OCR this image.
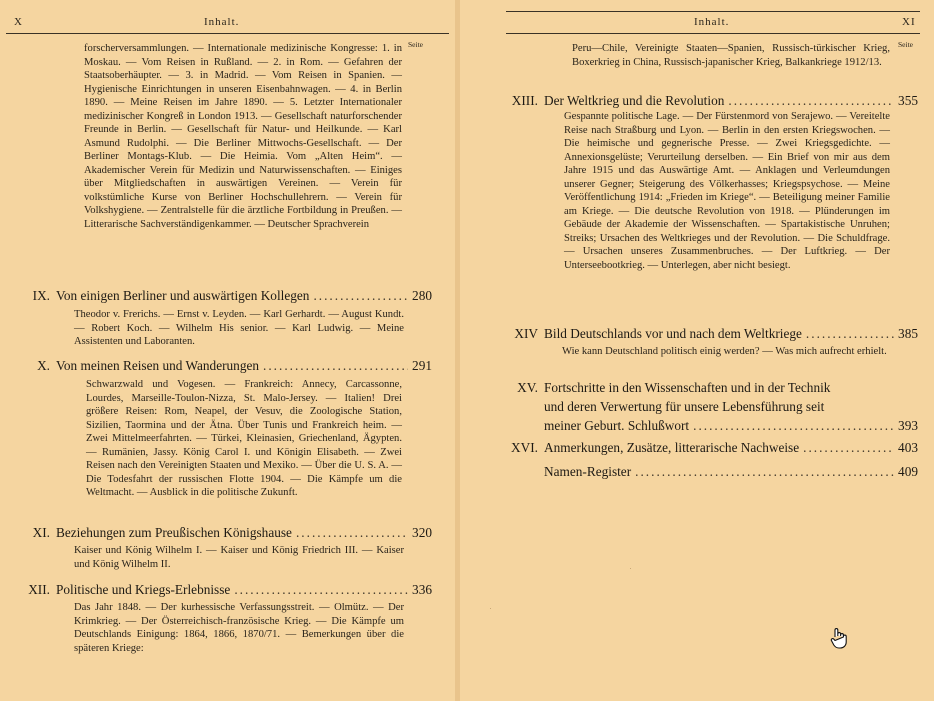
X	Inhalt.
Seite
forscherversammlungen. — Internationale medizinische Kongresse: 1. in Moskau. — Vom Reisen in Rußland. — 2. in Rom. — Gefahren der Staatsoberhäupter. — 3. in Madrid. — Vom Reisen in Spanien. — Hygienische Einrichtungen in unseren Eisenbahnwagen. — 4. in Berlin 1890. — Meine Reisen im Jahre 1890. — 5. Letzter Internationaler medizinischer Kongreß in London 1913. — Gesellschaft naturforschender Freunde in Berlin. — Gesellschaft für Natur- und Heilkunde. — Karl Asmund Rudolphi. — Die Berliner Mittwochs-Gesellschaft. — Der Berliner Montags-Klub. — Die Heimia. Vom „Alten Heim“. — Akademischer Verein für Medizin und Naturwissenschaften. — Einiges über Mitgliedschaften in auswärtigen Vereinen. — Verein für volkstümliche Kurse von Berliner Hochschullehrern. — Verein für Volkshygiene. — Zentralstelle für die ärztliche Fortbildung in Preußen. — Litterarische Sachverständigenkammer. — Deutscher Sprachverein
IX. Von einigen Berliner und auswärtigen Kollegen .....	280
Theodor v. Frerichs. — Ernst v. Leyden. — Karl Gerhardt. — August Kundt. — Robert Koch. — Wilhelm His senior. — Karl Ludwig. — Meine Assistenten und Laboranten.
X. Von meinen Reisen und Wanderungen .....	291
Schwarzwald und Vogesen. — Frankreich: Annecy, Carcassonne, Lourdes, Marseille-Toulon-Nizza, St. Malo-Jersey. — Italien! Drei größere Reisen: Rom, Neapel, der Vesuv, die Zoologische Station, Sizilien, Taormina und der Ätna. Über Tunis und Frankreich heim. — Zwei Mittelmeerfahrten. — Türkei, Kleinasien, Griechenland, Ägypten. — Rumänien, Jassy. König Carol I. und Königin Elisabeth. — Zwei Reisen nach den Vereinigten Staaten und Mexiko. — Über die U. S. A. — Die Todesfahrt der russischen Flotte 1904. — Die Kämpfe um die Weltmacht. — Ausblick in die politische Zukunft.
XI. Beziehungen zum Preußischen Königshause .....	320
Kaiser und König Wilhelm I. — Kaiser und König Friedrich III. — Kaiser und König Wilhelm II.
XII. Politische und Kriegs-Erlebnisse .....	336
Das Jahr 1848. — Der kurhessische Verfassungsstreit. — Olmütz. — Der Krimkrieg. — Der Österreichisch-französische Krieg. — Die Kämpfe um Deutschlands Einigung: 1864, 1866, 1870/71. — Bemerkungen über die späteren Kriege:
Inhalt.	XI
Seite
Peru—Chile, Vereinigte Staaten—Spanien, Russisch-türkischer Krieg, Boxerkrieg in China, Russisch-japanischer Krieg, Balkankriege 1912/13.
XIII. Der Weltkrieg und die Revolution .....	355
Gespannte politische Lage. — Der Fürstenmord von Serajewo. — Vereitelte Reise nach Straßburg und Lyon. — Berlin in den ersten Kriegswochen. — Die heimische und gegnerische Presse. — Zwei Kriegsgedichte. — Annexionsgelüste; Verurteilung derselben. — Ein Brief von mir aus dem Jahre 1915 und das Auswärtige Amt. — Anklagen und Verleumdungen unserer Gegner; Steigerung des Völkerhasses; Kriegspsychose. — Meine Veröffentlichung 1914: „Frieden im Kriege“. — Beteiligung meiner Familie am Kriege. — Die deutsche Revolution von 1918. — Plünderungen im Gebäude der Akademie der Wissenschaften. — Spartakistische Unruhen; Streiks; Ursachen des Weltkrieges und der Revolution. — Die Schuldfrage. — Ursachen unseres Zusammenbruches. — Der Luftkrieg. — Der Unterseebootkrieg. — Unterlegen, aber nicht besiegt.
XIV Bild Deutschlands vor und nach dem Weltkriege .....	385
Wie kann Deutschland politisch einig werden? — Was mich aufrecht erhielt.
XV. Fortschritte in den Wissenschaften und in der Technik
und deren Verwertung für unsere Lebensführung seit
meiner Geburt. Schlußwort .....	393
XVI. Anmerkungen, Zusätze, litterarische Nachweise .....	403
Namen-Register .....	409
